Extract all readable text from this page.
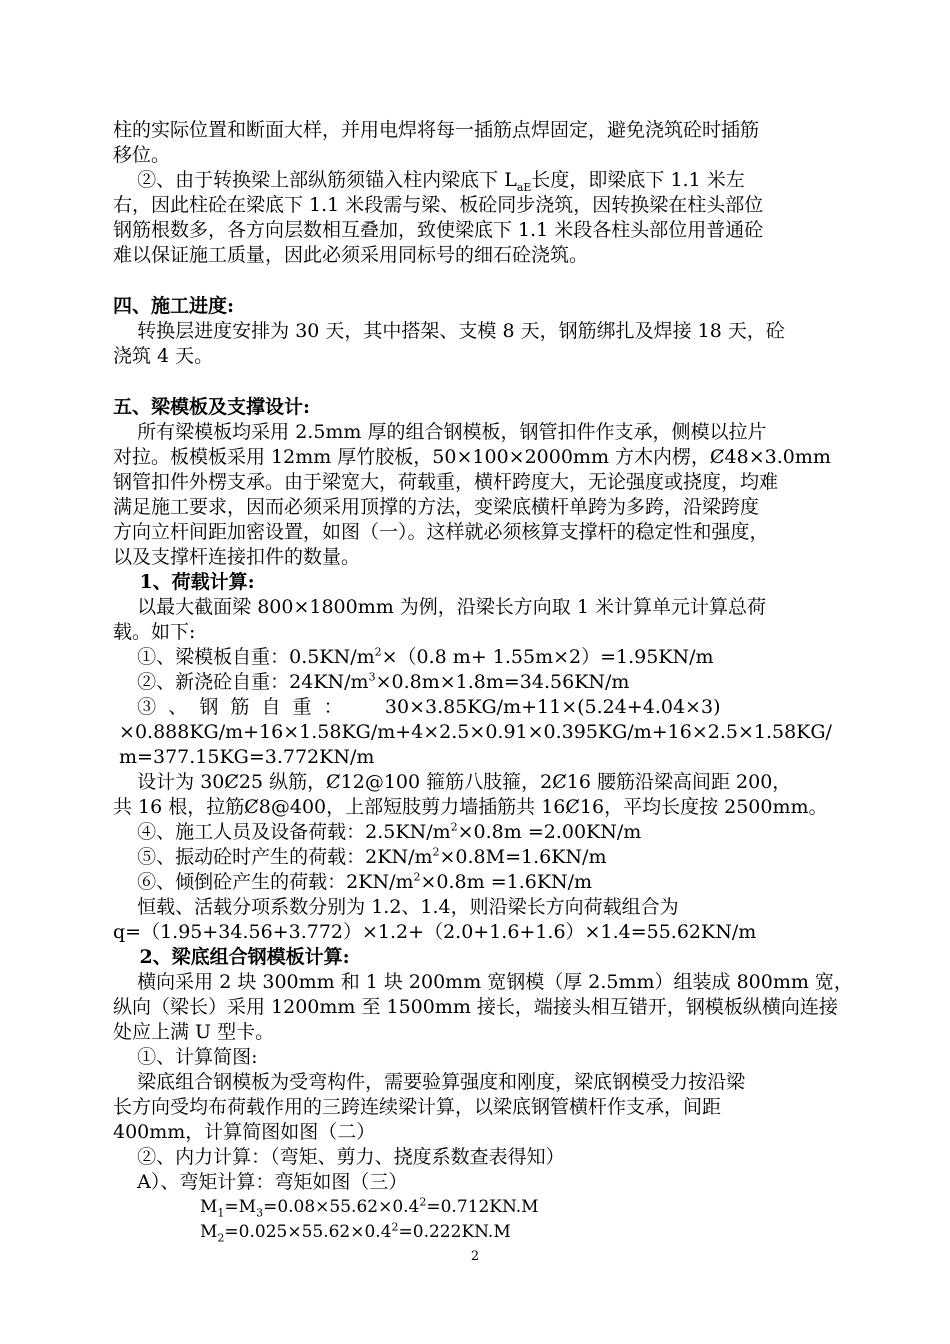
柱的实际位置和断面大样，并用电焊将每一插筋点焊固定，避免浇筑砼时插筋
移位。
②、由于转换梁上部纵筋须锚入柱内梁底下 $L_{aE}$长度，即梁底下 1.1 米左
右，因此柱砼在梁底下 1.1 米段需与梁、板砼同步浇筑，因转换梁在柱头部位
钢筋根数多，各方向层数相互叠加，致使梁底下 1.1 米段各柱头部位用普通砼
难以保证施工质量，因此必须采用同标号的细石砼浇筑。
四、施工进度:
转换层进度安排为 30 天，其中搭架、支模 8 天，钢筋绑扎及焊接 18 天，砼
浇筑 4 天。
五、梁模板及支撑设计:
所有梁模板均采用 2.5mm 厚的组合钢模板，钢管扣件作支承，侧模以拉片
对拉。板模板采用 12mm 厚竹胶板，50×100×2000mm 方木内楞，Ȼ48×3.0mm
钢管扣件外楞支承。由于梁宽大，荷载重，横杆跨度大，无论强度或挠度，均难
满足施工要求，因而必须采用顶撑的方法，变梁底横杆单跨为多跨，沿梁跨度
方向立杆间距加密设置，如图（一）。这样就必须核算支撑杆的稳定性和强度，
以及支撑杆连接扣件的数量。
1、荷载计算:
以最大截面梁 800×1800mm 为例，沿梁长方向取 1 米计算单元计算总荷
载。如下:
①、梁模板自重：$0.5KN/m^2\times(0.8$ m+ 1.55m×2）=1.95KN/m
②、新浇砼自重：$24KN/m^3\times 0.8m\times 1.8m=34.56KN/m$
③  、  钢  筋  自  重  ：       30×3.85KG/m+11×(5.24+4.04×3)
×0.888KG/m+16×1.58KG/m+4×2.5×0.91×0.395KG/m+16×2.5×1.58KG/
m=377.15KG=3.772KN/m
设计为 30Ȼ25 纵筋，Ȼ12@100 箍筋八肢箍，2Ȼ16 腰筋沿梁高间距 200，
共 16 根，拉筋Ȼ8@400，上部短肢剪力墙插筋共 16Ȼ16，平均长度按 2500mm。
④、施工人员及设备荷载：$2.5KN/m^2\times 0.8m =2.00KN/m$
⑤、振动砼时产生的荷载：$2KN/m^2\times 0.8M=1.6KN/m$
⑥、倾倒砼产生的荷载：$2KN/m^2\times 0.8m =1.6KN/m$
恒载、活载分项系数分别为 1.2、1.4，则沿梁长方向荷载组合为
q=（1.95+34.56+3.772）×1.2+（2.0+1.6+1.6）×1.4=55.62KN/m
2、梁底组合钢模板计算:
横向采用 2 块 300mm 和 1 块 200mm 宽钢模（厚 2.5mm）组装成 800mm 宽，
纵向（梁长）采用 1200mm 至 1500mm 接长，端接头相互错开，钢模板纵横向连接
处应上满 U 型卡。
①、计算简图:
梁底组合钢模板为受弯构件，需要验算强度和刚度，梁底钢模受力按沿梁
长方向受均布荷载作用的三跨连续梁计算，以梁底钢管横杆作支承，间距
400mm，计算简图如图（二）
②、内力计算：（弯矩、剪力、挠度系数查表得知）
A）、弯矩计算：弯矩如图（三）
$M_1=M_3=0.08\times 55.62\times 0.4^2=0.712KN.M$
$M_2=0.025\times 55.62\times 0.4^2=0.222KN.M$
2
